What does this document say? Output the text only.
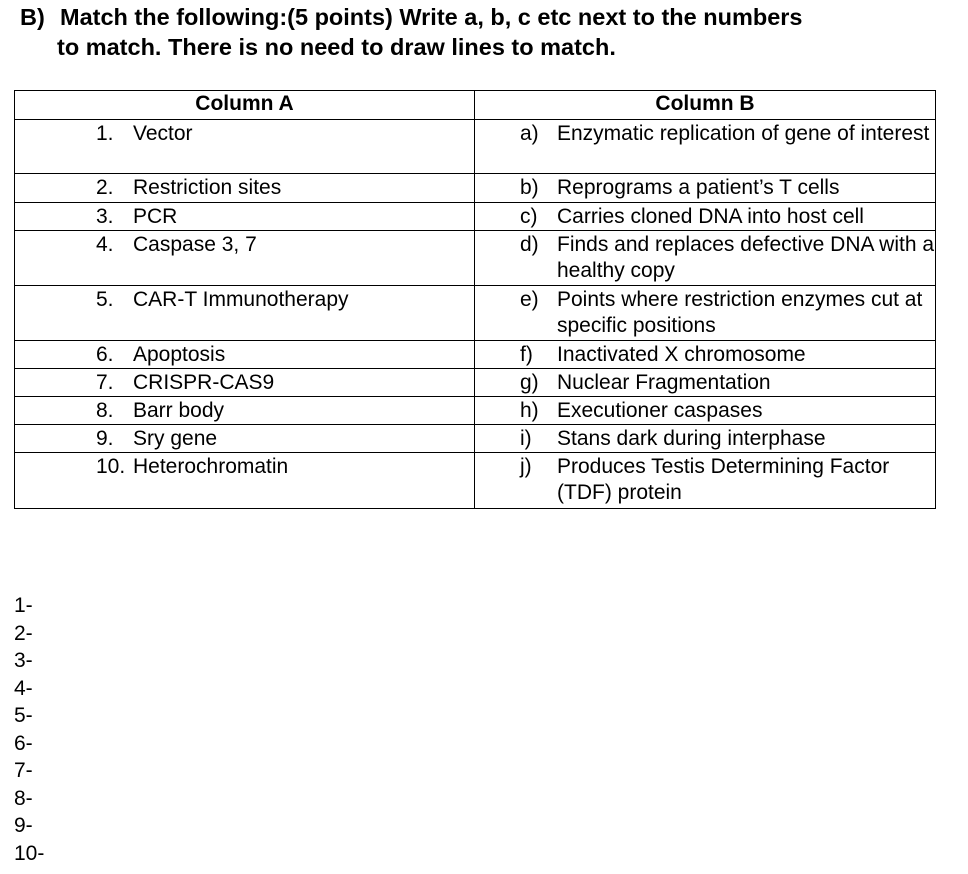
B) Match the following:(5 points) Write a, b, c etc next to the numbers
to match. There is no need to draw lines to match.
Column A	Column B

1. Vector	a) Enzymatic replication of gene of interest

2. Restriction sites	b) Reprograms a patient’s T cells

3. PCR	c) Carries cloned DNA into host cell

4. Caspase 3, 7	d) Finds and replaces defective DNA with a healthy copy

5. CAR-T Immunotherapy	e) Points where restriction enzymes cut at specific positions

6. Apoptosis	f) Inactivated X chromosome

7. CRISPR-CAS9	g) Nuclear Fragmentation

8. Barr body	h) Executioner caspases

9. Sry gene	i) Stans dark during interphase

10. Heterochromatin	j) Produces Testis Determining Factor (TDF) protein
1-
2-
3-
4-
5-
6-
7-
8-
9-
10-
